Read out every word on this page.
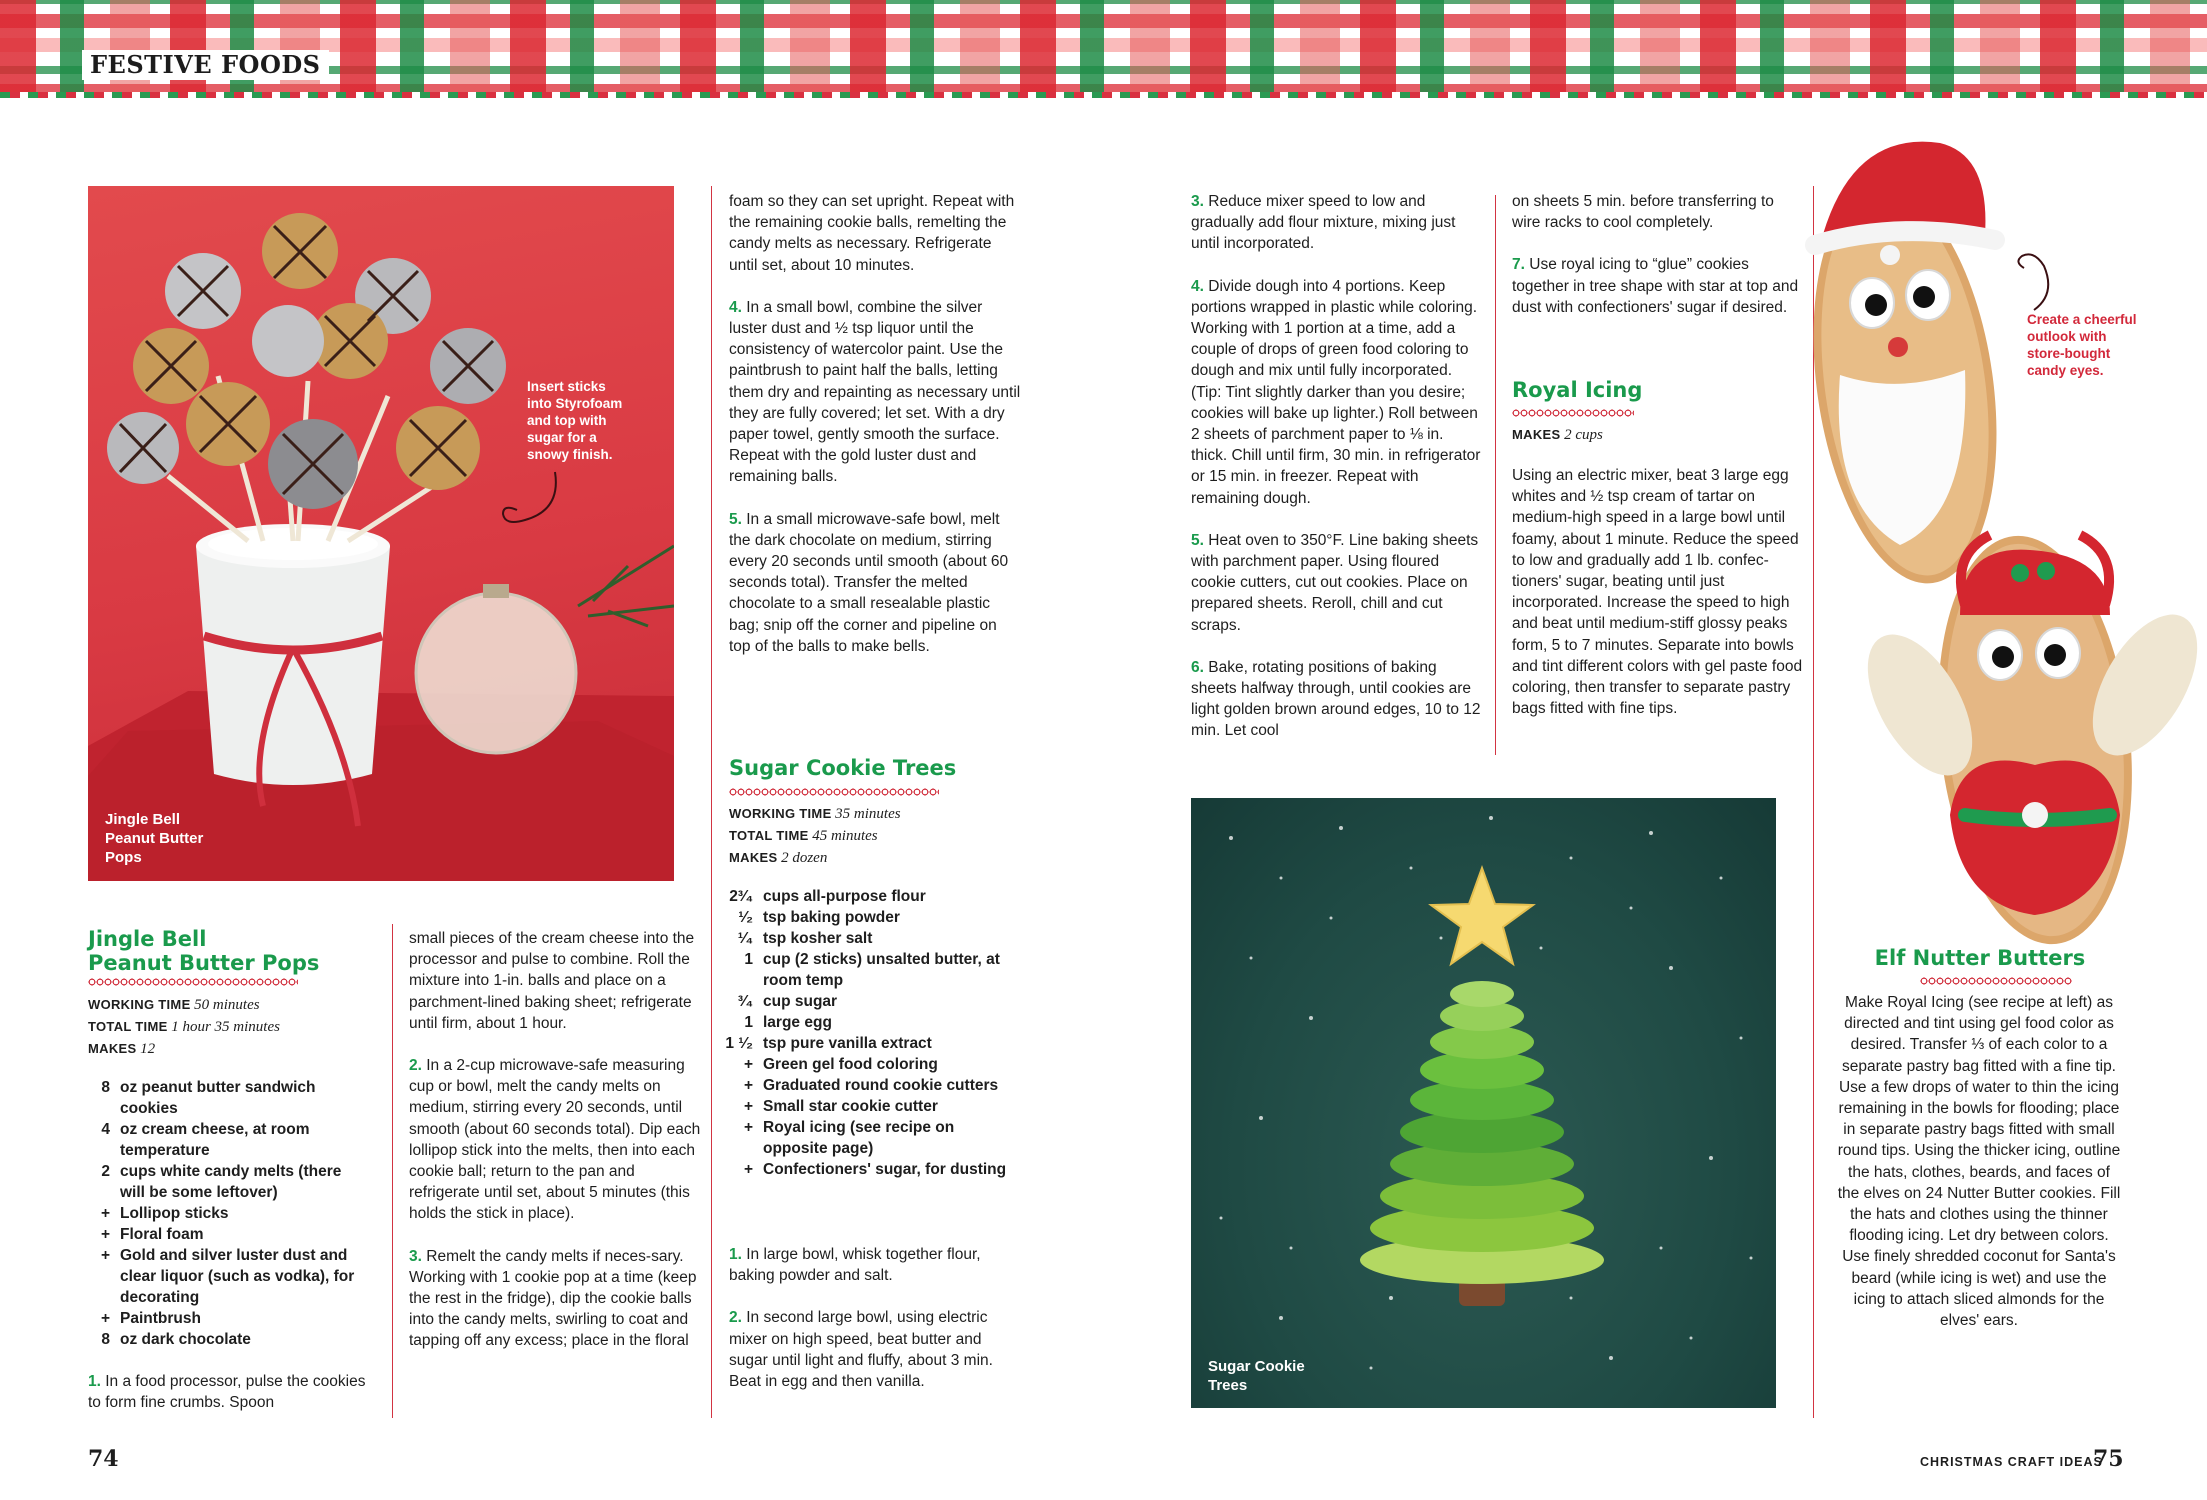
FESTIVE FOODS
Insert sticks
into Styrofoam
and top with
sugar for a
snowy finish.
Jingle Bell
Peanut Butter
Pops
Jingle Bell
Peanut Butter Pops
WORKING TIME 50 minutes
TOTAL TIME 1 hour 35 minutes
MAKES 12
8 oz peanut butter sandwich cookies
4 oz cream cheese, at room temperature
2 cups white candy melts (there will be some leftover)
+ Lollipop sticks
+ Floral foam
+ Gold and silver luster dust and clear liquor (such as vodka), for decorating
+ Paintbrush
8 oz dark chocolate
1. In a food processor, pulse the cookies to form fine crumbs. Spoon

small pieces of the cream cheese into the processor and pulse to combine. Roll the mixture into 1-in. balls and place on a parchment-lined baking sheet; refrigerate until firm, about 1 hour.

2. In a 2-cup microwave-safe measuring cup or bowl, melt the candy melts on medium, stirring every 20 seconds, until smooth (about 60 seconds total). Dip each lollipop stick into the melts, then into each cookie ball; return to the pan and refrigerate until set, about 5 minutes (this holds the stick in place).

3. Remelt the candy melts if neces-sary. Working with 1 cookie pop at a time (keep the rest in the fridge), dip the cookie balls into the candy melts, swirling to coat and tapping off any excess; place in the floral

foam so they can set upright. Repeat with the remaining cookie balls, remelting the candy melts as necessary. Refrigerate until set, about 10 minutes.

4. In a small bowl, combine the silver luster dust and ½ tsp liquor until the consistency of watercolor paint. Use the paintbrush to paint half the balls, letting them dry and repainting as necessary until they are fully covered; let set. With a dry paper towel, gently smooth the surface. Repeat with the gold luster dust and remaining balls.

5. In a small microwave-safe bowl, melt the dark chocolate on medium, stirring every 20 seconds until smooth (about 60 seconds total). Transfer the melted chocolate to a small resealable plastic bag; snip off the corner and pipeline on top of the balls to make bells.

Sugar Cookie Trees
WORKING TIME 35 minutes
TOTAL TIME 45 minutes
MAKES 2 dozen
2³⁄₄ cups all-purpose flour
¹⁄₂ tsp baking powder
¹⁄₄ tsp kosher salt
1 cup (2 sticks) unsalted butter, at room temp
³⁄₄ cup sugar
1 large egg
1 ¹⁄₂ tsp pure vanilla extract
+ Green gel food coloring
+ Graduated round cookie cutters
+ Small star cookie cutter
+ Royal icing (see recipe on opposite page)
+ Confectioners' sugar, for dusting

1. In large bowl, whisk together flour, baking powder and salt.

2. In second large bowl, using electric mixer on high speed, beat butter and sugar until light and fluffy, about 3 min. Beat in egg and then vanilla.

3. Reduce mixer speed to low and gradually add flour mixture, mixing just until incorporated.

4. Divide dough into 4 portions. Keep portions wrapped in plastic while coloring. Working with 1 portion at a time, add a couple of drops of green food coloring to dough and mix until fully incorporated. (Tip: Tint slightly darker than you desire; cookies will bake up lighter.) Roll between 2 sheets of parchment paper to ⅛ in. thick. Chill until firm, 30 min. in refrigerator or 15 min. in freezer. Repeat with remaining dough.

5. Heat oven to 350°F. Line baking sheets with parchment paper. Using floured cookie cutters, cut out cookies. Place on prepared sheets. Reroll, chill and cut scraps.

6. Bake, rotating positions of baking sheets halfway through, until cookies are light golden brown around edges, 10 to 12 min. Let cool

on sheets 5 min. before transferring to wire racks to cool completely.

7. Use royal icing to “glue” cookies together in tree shape with star at top and dust with confectioners' sugar if desired.

Royal Icing
MAKES 2 cups
Using an electric mixer, beat 3 large egg whites and ½ tsp cream of tartar on medium-high speed in a large bowl until foamy, about 1 minute. Reduce the speed to low and gradually add 1 lb. confec-tioners' sugar, beating until just incorporated. Increase the speed to high and beat until medium-stiff glossy peaks form, 5 to 7 minutes. Separate into bowls and tint different colors with gel paste food coloring, then transfer to separate pastry bags fitted with fine tips.
Sugar Cookie
Trees
Create a cheerful
outlook with
store-bought
candy eyes.
Elf Nutter Butters
Make Royal Icing (see recipe at left) as directed and tint using gel food color as desired. Transfer ⅓ of each color to a separate pastry bag fitted with a fine tip. Use a few drops of water to thin the icing remaining in the bowls for flooding; place in separate pastry bags fitted with small round tips. Using the thicker icing, outline the hats, clothes, beards, and faces of the elves on 24 Nutter Butter cookies. Fill the hats and clothes using the thinner flooding icing. Let dry between colors. Use finely shredded coconut for Santa's beard (while icing is wet) and use the icing to attach sliced almonds for the elves' ears.
74	CHRISTMAS CRAFT IDEAS
75
